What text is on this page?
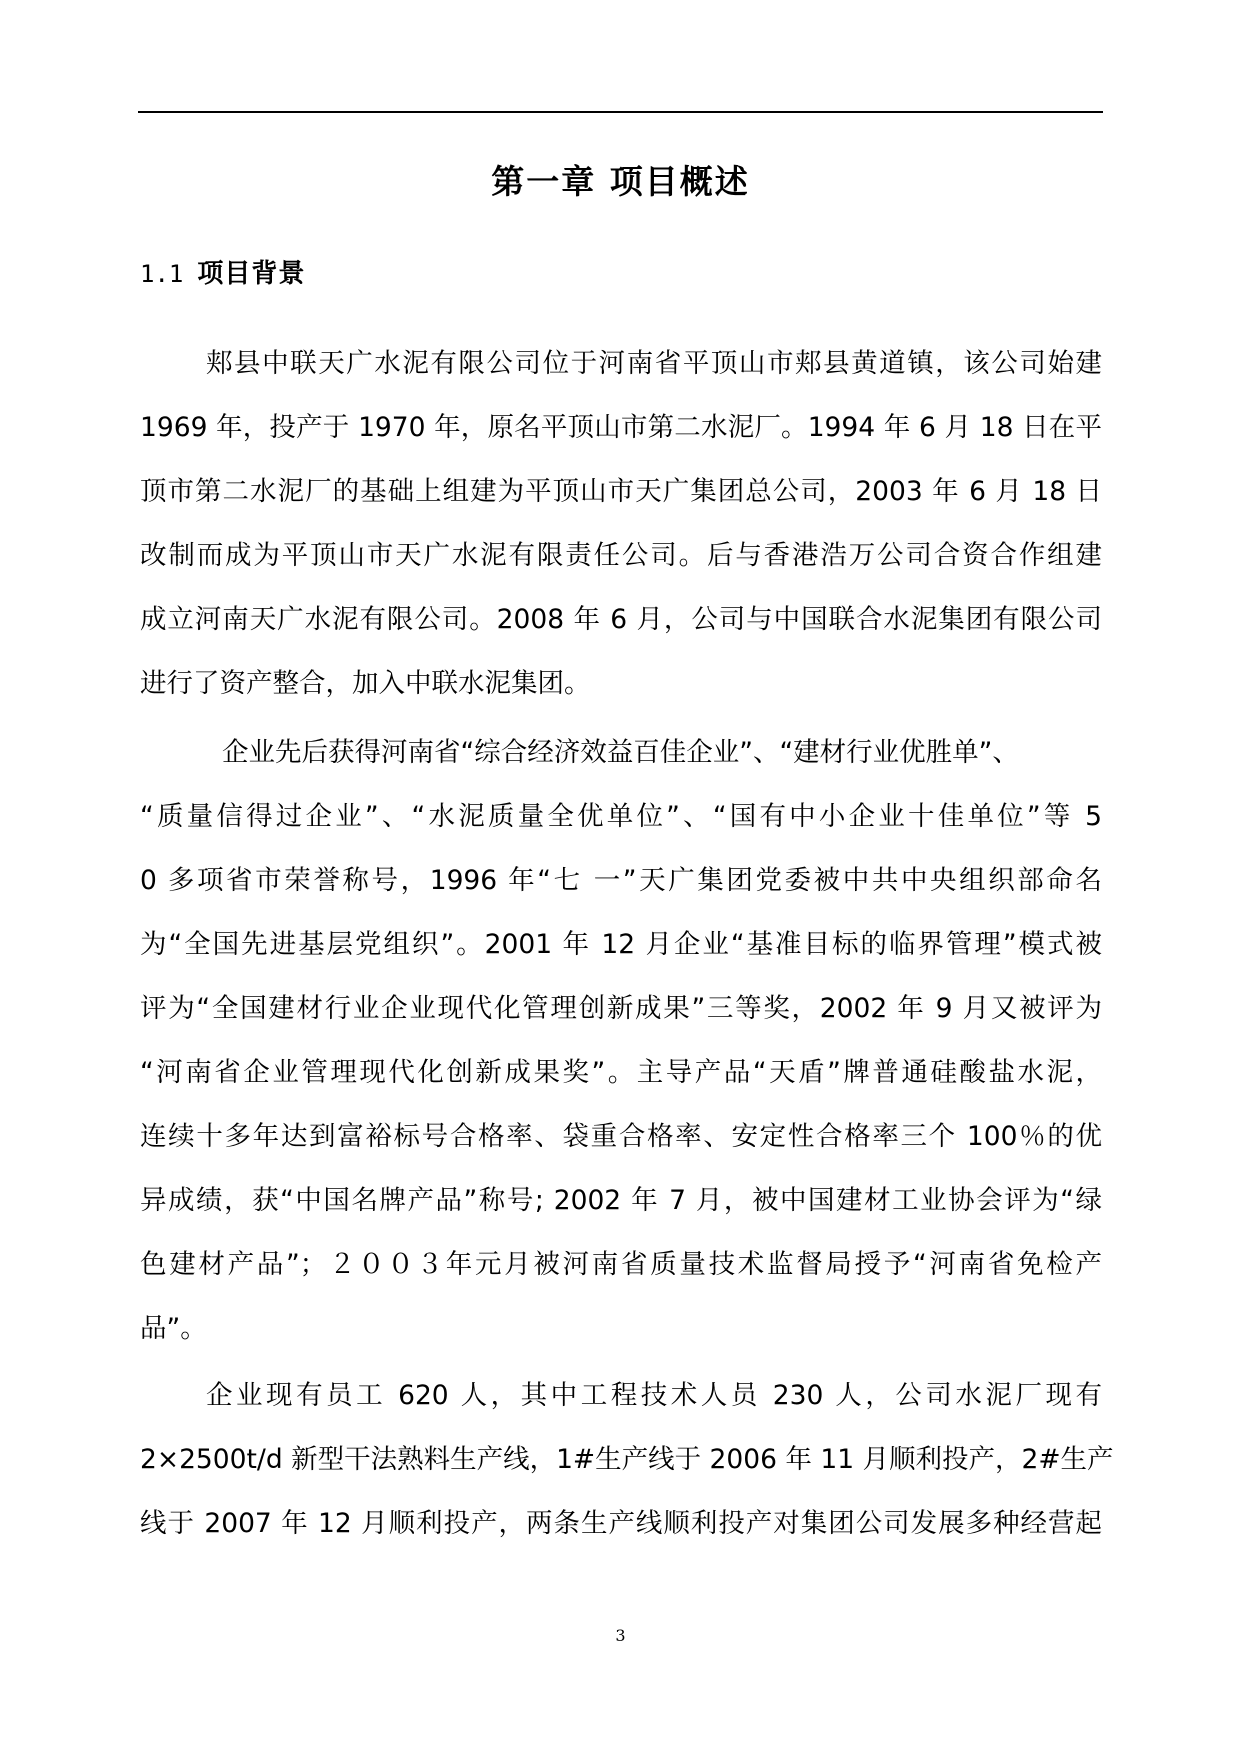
第一章 项目概述
1.1 项目背景
郏县中联天广水泥有限公司位于河南省平顶山市郏县黄道镇，该公司始建
1969 年，投产于 1970 年，原名平顶山市第二水泥厂。1994 年 6 月 18 日在平
顶市第二水泥厂的基础上组建为平顶山市天广集团总公司，2003 年 6 月 18 日
改制而成为平顶山市天广水泥有限责任公司。后与香港浩万公司合资合作组建
成立河南天广水泥有限公司。2008 年 6 月，公司与中国联合水泥集团有限公司
进行了资产整合，加入中联水泥集团。
企业先后获得河南省“综合经济效益百佳企业”、“建材行业优胜单”、
“质量信得过企业”、“水泥质量全优单位”、“国有中小企业十佳单位”等 5
0 多项省市荣誉称号，1996 年“七 一”天广集团党委被中共中央组织部命名
为“全国先进基层党组织”。2001 年 12 月企业“基准目标的临界管理”模式被
评为“全国建材行业企业现代化管理创新成果”三等奖，2002 年 9 月又被评为
“河南省企业管理现代化创新成果奖”。主导产品“天盾”牌普通硅酸盐水泥，
连续十多年达到富裕标号合格率、袋重合格率、安定性合格率三个 100％的优
异成绩，获“中国名牌产品”称号; 2002 年 7 月，被中国建材工业协会评为“绿
色建材产品”；２００３年元月被河南省质量技术监督局授予“河南省免检产
品”。
企业现有员工 620 人，其中工程技术人员 230 人，公司水泥厂现有
2×2500t/d 新型干法熟料生产线，1#生产线于 2006 年 11 月顺利投产，2#生产
线于 2007 年 12 月顺利投产，两条生产线顺利投产对集团公司发展多种经营起
3
